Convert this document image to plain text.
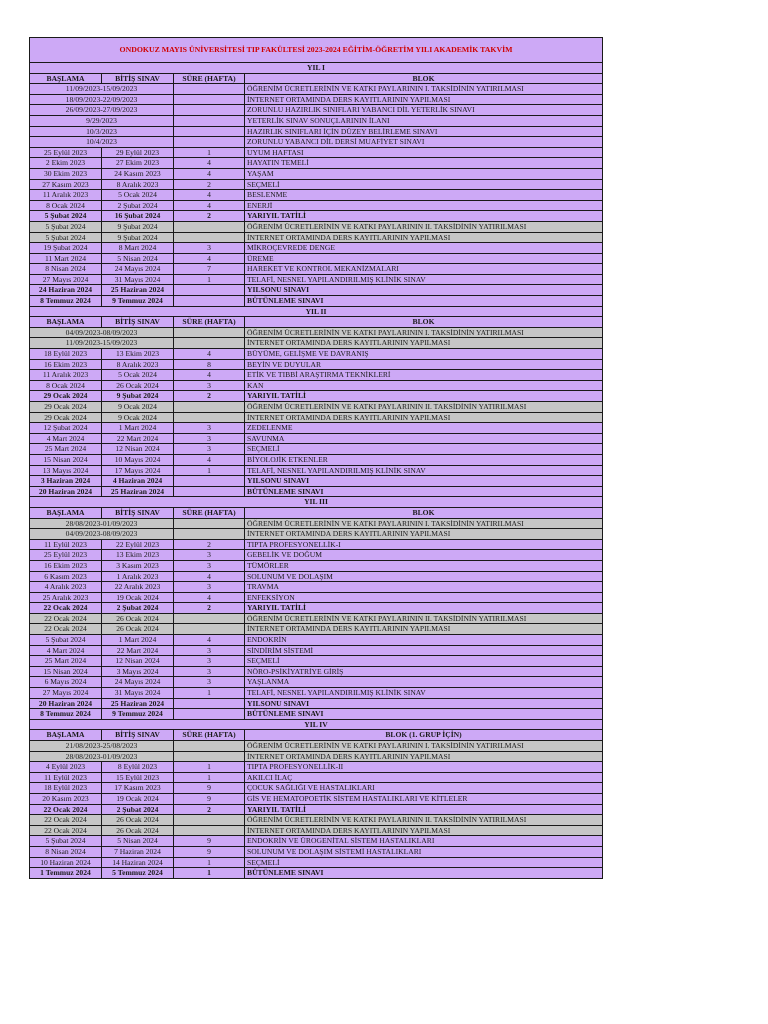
ONDOKUZ MAYIS ÜNİVERSİTESİ TIP FAKÜLTESİ 2023-2024 EĞİTİM-ÖĞRETİM YILI AKADEMİK TAKVİM			
YIL I			
BAŞLAMA	BİTİŞ SINAV	SÜRE (HAFTA)	BLOK
11/09/2023-15/09/2023			ÖĞRENİM ÜCRETLERİNİN VE KATKI PAYLARININ I. TAKSİDİNİN YATIRILMASI
18/09/2023-22/09/2023			İNTERNET ORTAMINDA DERS KAYITLARININ YAPILMASI
26/09/2023-27/09/2023			ZORUNLU HAZIRLIK SINIFLARI YABANCI DİL YETERLİK SINAVI
9/29/2023			YETERLİK SINAV SONUÇLARININ İLANI
10/3/2023			HAZIRLIK SINIFLARI İÇİN DÜZEY BELİRLEME SINAVI
10/4/2023			ZORUNLU YABANCI DİL DERSİ MUAFİYET SINAVI
25 Eylül 2023	29 Eylül 2023	1	UYUM HAFTASI
2 Ekim 2023	27 Ekim 2023	4	HAYATIN TEMELİ
30 Ekim 2023	24 Kasım 2023	4	YAŞAM
27 Kasım 2023	8 Aralık 2023	2	SEÇMELİ
11 Aralık 2023	5 Ocak 2024	4	BESLENME
8 Ocak 2024	2 Şubat 2024	4	ENERJİ
5 Şubat 2024	16 Şubat 2024	2	YARIYIL TATİLİ
5 Şubat 2024	9 Şubat 2024		ÖĞRENİM ÜCRETLERİNİN VE KATKI PAYLARININ II. TAKSİDİNİN YATIRILMASI
5 Şubat 2024	9 Şubat 2024		İNTERNET ORTAMINDA DERS KAYITLARININ YAPILMASI
19 Şubat 2024	8 Mart 2024	3	MİKROÇEVREDE DENGE
11 Mart 2024	5 Nisan 2024	4	ÜREME
8 Nisan 2024	24 Mayıs 2024	7	HAREKET VE KONTROL MEKANİZMALARI
27 Mayıs 2024	31 Mayıs 2024	1	TELAFİ, NESNEL YAPILANDIRILMIŞ KLİNİK SINAV
24 Haziran 2024	25 Haziran 2024		YILSONU SINAVI
8 Temmuz 2024	9 Temmuz 2024		BÜTÜNLEME SINAVI
YIL II			
BAŞLAMA	BİTİŞ SINAV	SÜRE (HAFTA)	BLOK
04/09/2023-08/09/2023			ÖĞRENİM ÜCRETLERİNİN VE KATKI PAYLARININ I. TAKSİDİNİN YATIRILMASI
11/09/2023-15/09/2023			İNTERNET ORTAMINDA DERS KAYITLARININ YAPILMASI
18 Eylül 2023	13 Ekim 2023	4	BÜYÜME, GELİŞME VE DAVRANIŞ
16 Ekim 2023	8 Aralık 2023	8	BEYİN VE DUYULAR
11 Aralık 2023	5 Ocak 2024	4	ETİK VE TIBBİ ARAŞTIRMA TEKNİKLERİ
8 Ocak 2024	26 Ocak 2024	3	KAN
29 Ocak 2024	9 Şubat 2024	2	YARIYIL TATİLİ
29 Ocak 2024	9 Ocak 2024		ÖĞRENİM ÜCRETLERİNİN VE KATKI PAYLARININ II. TAKSİDİNİN YATIRILMASI
29 Ocak 2024	9 Ocak 2024		İNTERNET ORTAMINDA DERS KAYITLARININ YAPILMASI
12 Şubat 2024	1 Mart 2024	3	ZEDELENME
4 Mart 2024	22 Mart 2024	3	SAVUNMA
25 Mart 2024	12 Nisan 2024	3	SEÇMELİ
15 Nisan 2024	10 Mayıs 2024	4	BİYOLOJİK ETKENLER
13 Mayıs 2024	17 Mayıs 2024	1	TELAFİ, NESNEL YAPILANDIRILMIŞ KLİNİK SINAV
3 Haziran 2024	4 Haziran 2024		YILSONU SINAVI
20 Haziran 2024	25 Haziran 2024		BÜTÜNLEME SINAVI
YIL III			
BAŞLAMA	BİTİŞ SINAV	SÜRE (HAFTA)	BLOK
28/08/2023-01/09/2023			ÖĞRENİM ÜCRETLERİNİN VE KATKI PAYLARININ I. TAKSİDİNİN YATIRILMASI
04/09/2023-08/09/2023			İNTERNET ORTAMINDA DERS KAYITLARININ YAPILMASI
11 Eylül 2023	22 Eylül 2023	2	TIPTA PROFESYONELLİK-I
25 Eylül 2023	13 Ekim 2023	3	GEBELİK VE DOĞUM
16 Ekim 2023	3 Kasım 2023	3	TÜMÖRLER
6 Kasım 2023	1 Aralık 2023	4	SOLUNUM VE DOLAŞIM
4 Aralık 2023	22 Aralık 2023	3	TRAVMA
25 Aralık 2023	19 Ocak 2024	4	ENFEKSİYON
22 Ocak 2024	2 Şubat 2024	2	YARIYIL TATİLİ
22 Ocak 2024	26 Ocak 2024		ÖĞRENİM ÜCRETLERİNİN VE KATKI PAYLARININ II. TAKSİDİNİN YATIRILMASI
22 Ocak 2024	26 Ocak 2024		İNTERNET ORTAMINDA DERS KAYITLARININ YAPILMASI
5 Şubat 2024	1 Mart 2024	4	ENDOKRİN
4 Mart 2024	22 Mart 2024	3	SİNDİRİM SİSTEMİ
25 Mart 2024	12 Nisan 2024	3	SEÇMELİ
15 Nisan 2024	3 Mayıs 2024	3	NÖRO-PSİKİYATRİYE GİRİŞ
6 Mayıs 2024	24 Mayıs 2024	3	YAŞLANMA
27 Mayıs 2024	31 Mayıs 2024	1	TELAFİ, NESNEL YAPILANDIRILMIŞ KLİNİK SINAV
20 Haziran 2024	25 Haziran 2024		YILSONU SINAVI
8 Temmuz 2024	9 Temmuz 2024		BÜTÜNLEME SINAVI
YIL IV			
BAŞLAMA	BİTİŞ SINAV	SÜRE (HAFTA)	BLOK (1. GRUP İÇİN)
21/08/2023-25/08/2023			ÖĞRENİM ÜCRETLERİNİN VE KATKI PAYLARININ I. TAKSİDİNİN YATIRILMASI
28/08/2023-01/09/2023			İNTERNET ORTAMINDA DERS KAYITLARININ YAPILMASI
4 Eylül 2023	8 Eylül 2023	1	TIPTA PROFESYONELLİK-II
11 Eylül 2023	15 Eylül 2023	1	AKILCI İLAÇ
18 Eylül 2023	17 Kasım 2023	9	ÇOCUK SAĞLIĞI VE HASTALIKLARI
20 Kasım 2023	19 Ocak 2024	9	GİS VE HEMATOPOETİK SİSTEM HASTALIKLARI VE KİTLELER
22 Ocak 2024	2 Şubat 2024	2	YARIYIL TATİLİ
22 Ocak 2024	26 Ocak 2024		ÖĞRENİM ÜCRETLERİNİN VE KATKI PAYLARININ II. TAKSİDİNİN YATIRILMASI
22 Ocak 2024	26 Ocak 2024		İNTERNET ORTAMINDA DERS KAYITLARININ YAPILMASI
5 Şubat 2024	5 Nisan 2024	9	ENDOKRİN VE ÜROGENİTAL SİSTEM HASTALIKLARI
8 Nisan 2024	7 Haziran 2024	9	SOLUNUM VE DOLAŞIM SİSTEMİ HASTALIKLARI
10 Haziran 2024	14 Haziran 2024	1	SEÇMELİ
1 Temmuz 2024	5 Temmuz 2024	1	BÜTÜNLEME SINAVI
